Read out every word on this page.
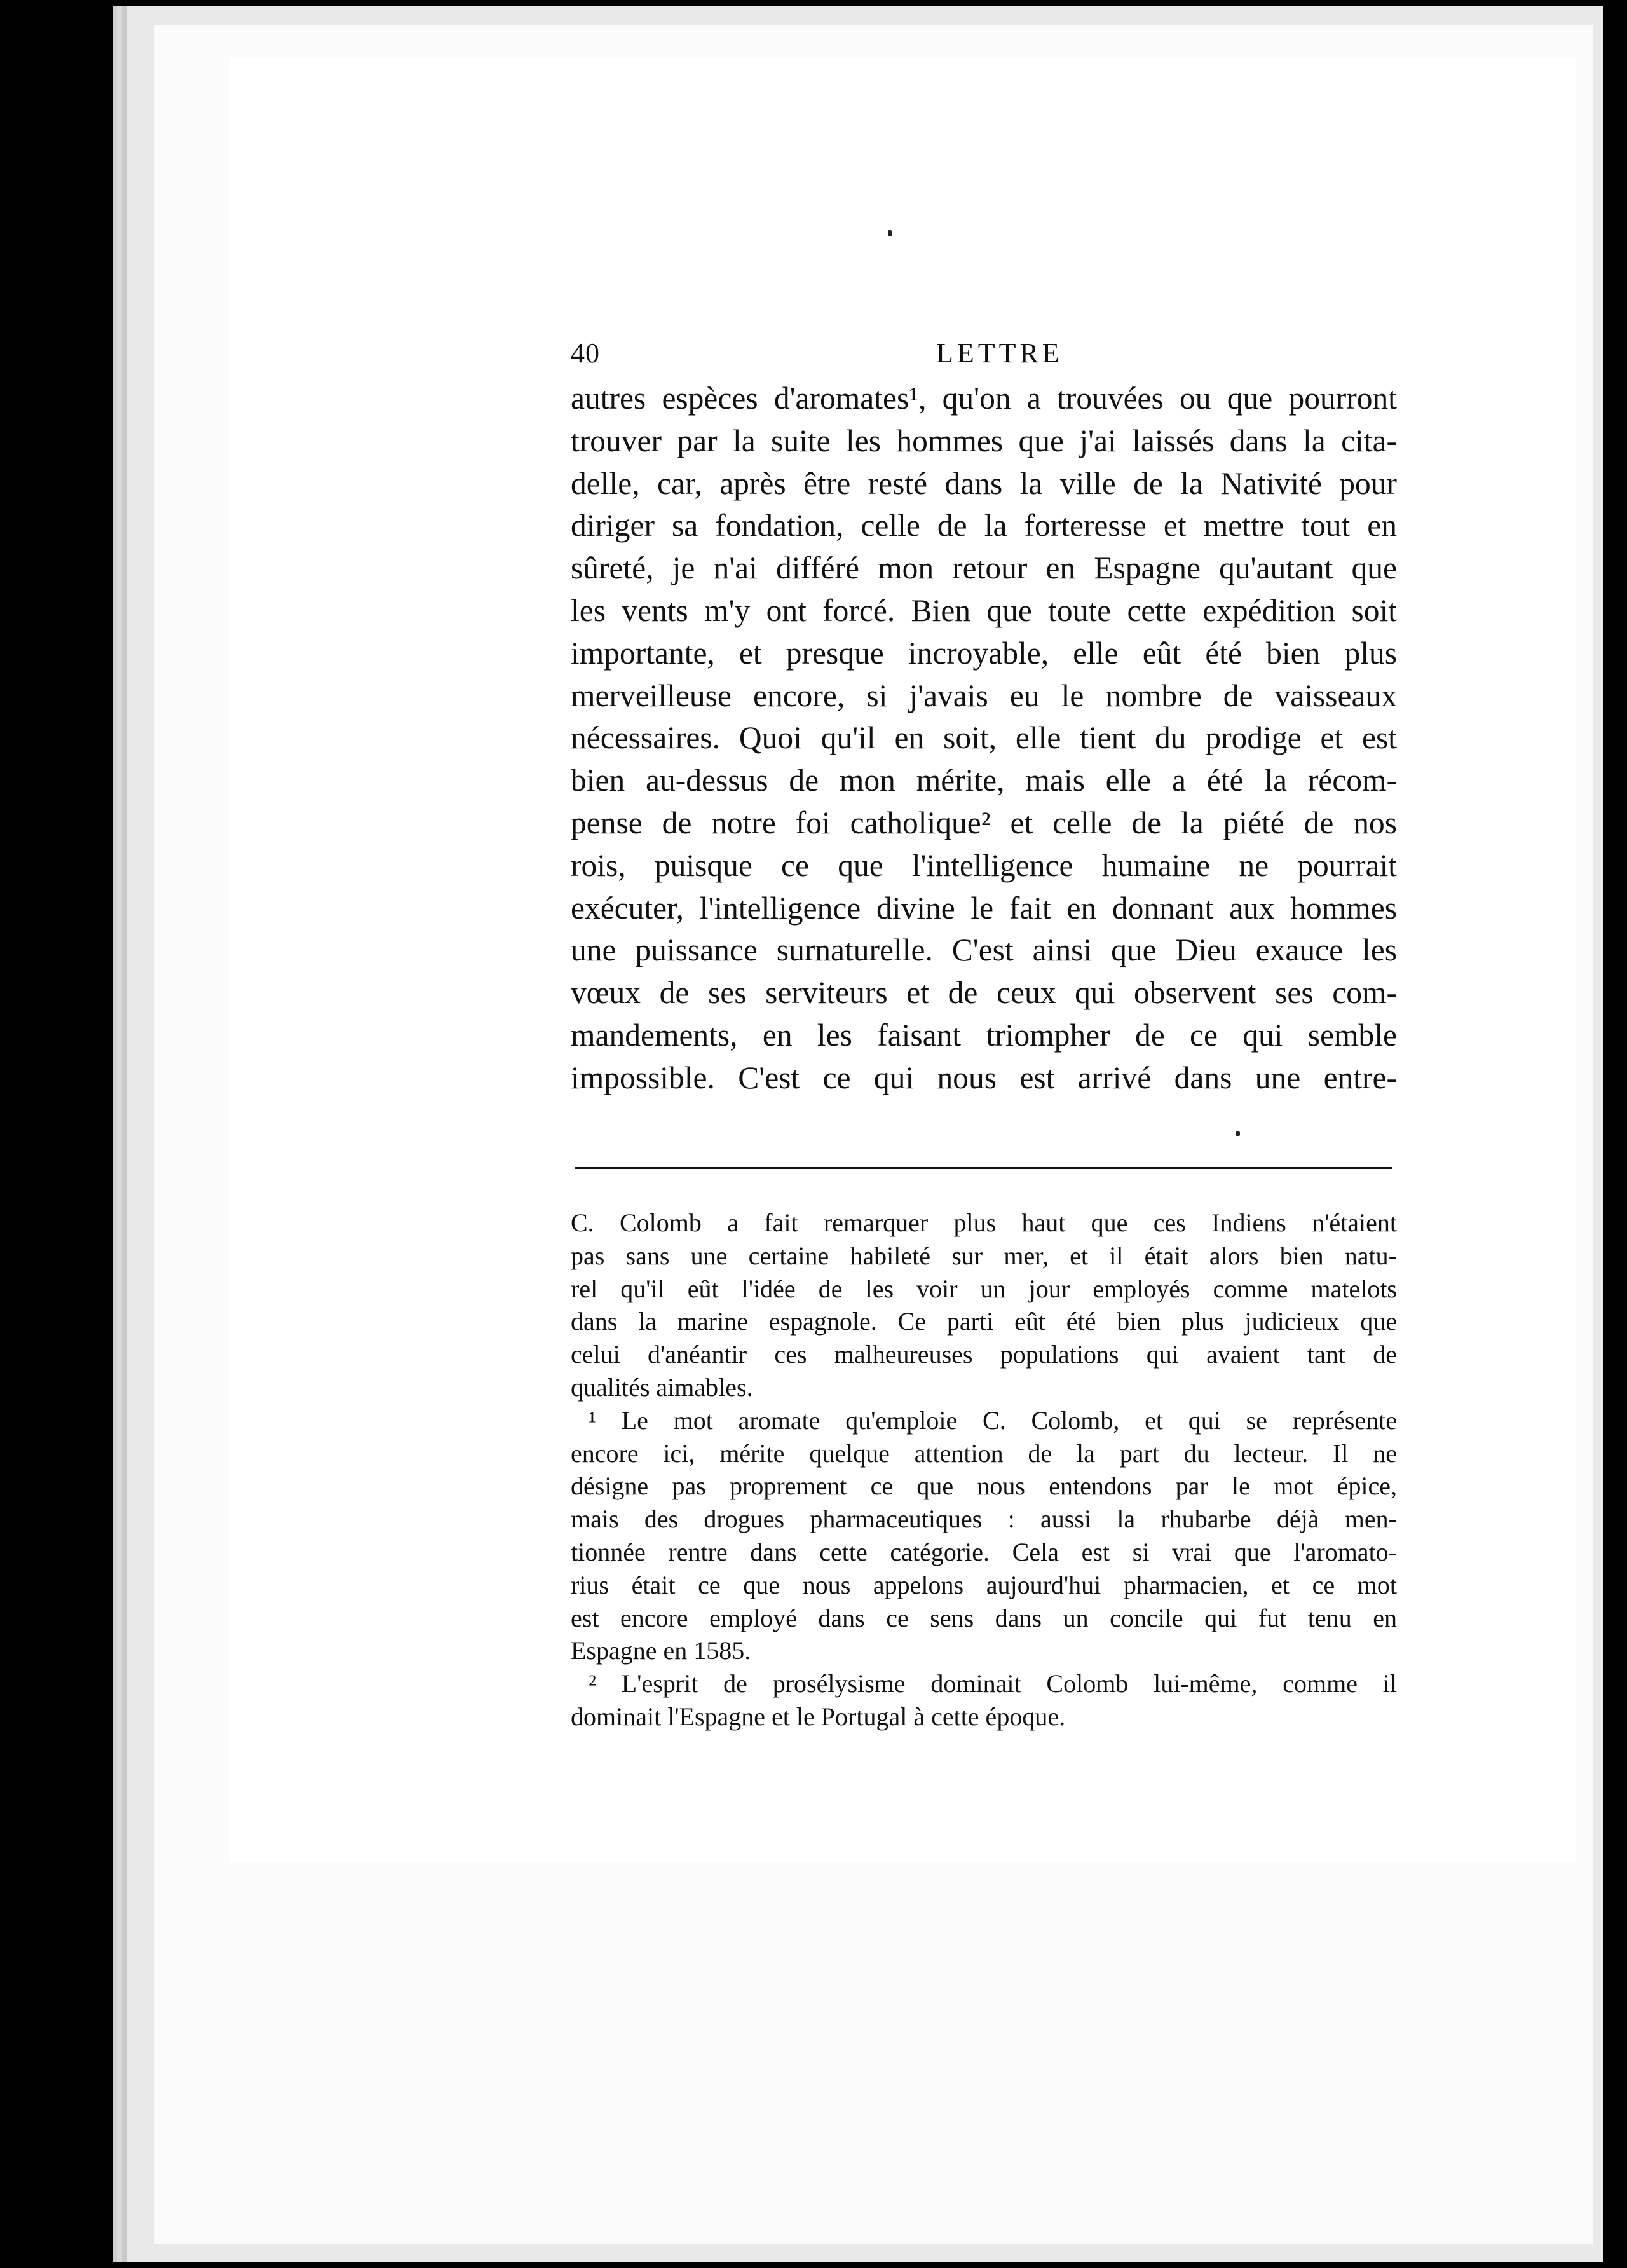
40	LETTRE
autres espèces d'aromates¹, qu'on a trouvées ou que pourront
trouver par la suite les hommes que j'ai laissés dans la cita-
delle, car, après être resté dans la ville de la Nativité pour
diriger sa fondation, celle de la forteresse et mettre tout en
sûreté, je n'ai différé mon retour en Espagne qu'autant que
les vents m'y ont forcé. Bien que toute cette expédition soit
importante, et presque incroyable, elle eût été bien plus
merveilleuse encore, si j'avais eu le nombre de vaisseaux
nécessaires. Quoi qu'il en soit, elle tient du prodige et est
bien au-dessus de mon mérite, mais elle a été la récom-
pense de notre foi catholique² et celle de la piété de nos
rois, puisque ce que l'intelligence humaine ne pourrait
exécuter, l'intelligence divine le fait en donnant aux hommes
une puissance surnaturelle. C'est ainsi que Dieu exauce les
vœux de ses serviteurs et de ceux qui observent ses com-
mandements, en les faisant triompher de ce qui semble
impossible. C'est ce qui nous est arrivé dans une entre-
C. Colomb a fait remarquer plus haut que ces Indiens n'étaient
pas sans une certaine habileté sur mer, et il était alors bien natu-
rel qu'il eût l'idée de les voir un jour employés comme matelots
dans la marine espagnole. Ce parti eût été bien plus judicieux que
celui d'anéantir ces malheureuses populations qui avaient tant de
qualités aimables.
¹ Le mot aromate qu'emploie C. Colomb, et qui se représente
encore ici, mérite quelque attention de la part du lecteur. Il ne
désigne pas proprement ce que nous entendons par le mot épice,
mais des drogues pharmaceutiques : aussi la rhubarbe déjà men-
tionnée rentre dans cette catégorie. Cela est si vrai que l'aromato-
rius était ce que nous appelons aujourd'hui pharmacien, et ce mot
est encore employé dans ce sens dans un concile qui fut tenu en
Espagne en 1585.
² L'esprit de prosélysisme dominait Colomb lui-même, comme il
dominait l'Espagne et le Portugal à cette époque.
